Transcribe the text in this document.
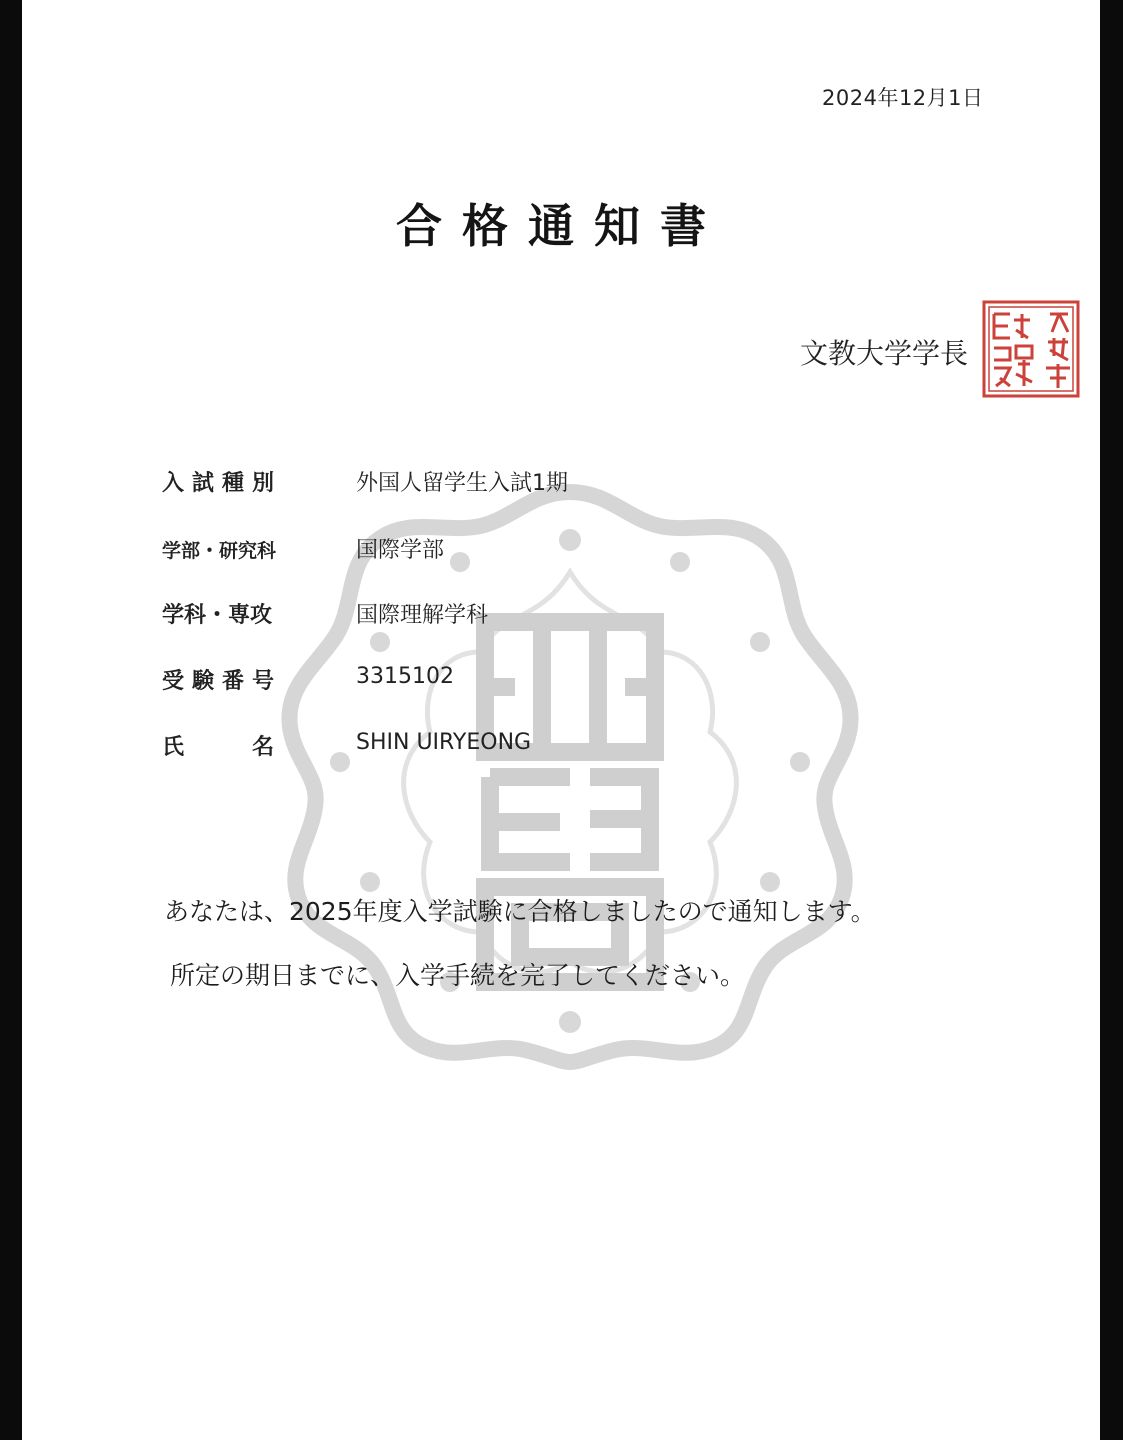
2024年12月1日
合格通知書
文教大学学長
入試種別	外国人留学生入試1期
学部・研究科	国際学部
学科・専攻	国際理解学科
受験番号	3315102
氏　　名	SHIN UIRYEONG
あなたは、2025年度入学試験に合格しましたので通知します。
所定の期日までに、入学手続を完了してください。
